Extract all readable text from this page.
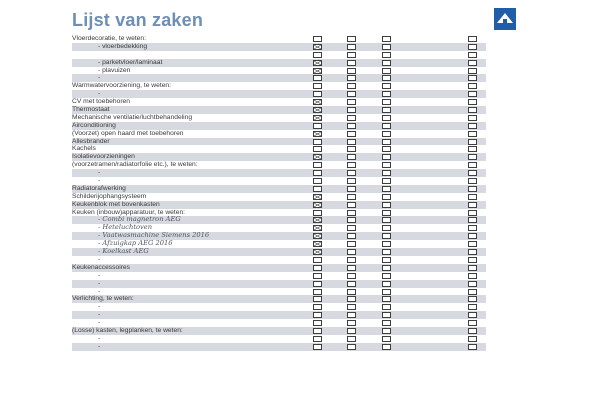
Lijst van zaken	NVM
Vloerdecoratie, te weten:
- vloerbedekking
- parketvloer/laminaat
- plavuizen
-
Warmwatervoorziening, te weten:
-
CV met toebehoren
Thermostaat
Mechanische ventilatie/luchtbehandeling
Airconditioning
(Voorzet) open haard met toebehoren
Allesbrander
Kachels
Isolatievoorzieningen
(voorzetramen/radiatorfolie etc.), te weten:
-
-
Radiatorafwerking
Schilderijophangsysteem
Keukenblok met bovenkasten
Keuken (inbouw)apparatuur, te weten:
- Combi magnetron AEG
- Heteluchtoven
- Vaatwasmachine Siemens 2016
- Afzuigkap AEG 2016
- Koelkast AEG
-
Keukenaccessoires
-
-
-
Verlichting, te weten:
-
-
-
(Losse) kasten, legplanken, te weten:
-
-
